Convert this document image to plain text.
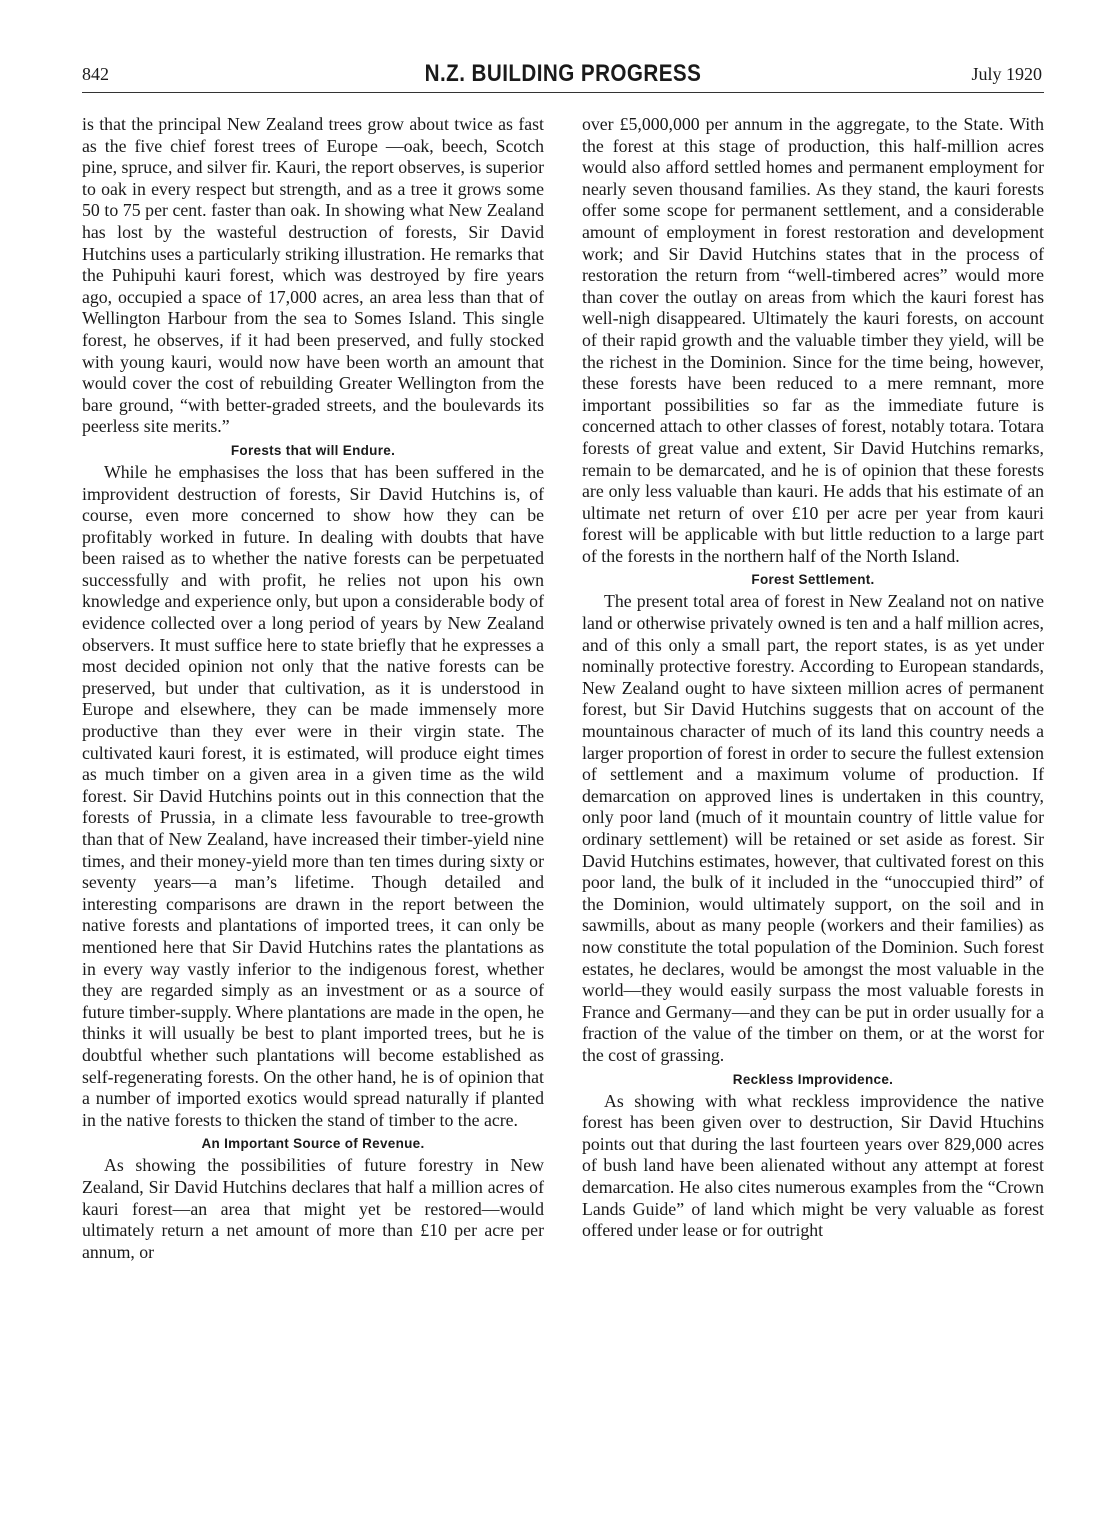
842	N.Z. BUILDING PROGRESS	July 1920

is that the principal New Zealand trees grow about twice as fast as the five chief forest trees of Europe —oak, beech, Scotch pine, spruce, and silver fir. Kauri, the report observes, is superior to oak in every respect but strength, and as a tree it grows some 50 to 75 per cent. faster than oak. In showing what New Zealand has lost by the wasteful destruction of forests, Sir David Hutchins uses a particularly striking illustration. He remarks that the Puhipuhi kauri forest, which was destroyed by fire years ago, occupied a space of 17,000 acres, an area less than that of Wellington Harbour from the sea to Somes Island. This single forest, he observes, if it had been preserved, and fully stocked with young kauri, would now have been worth an amount that would cover the cost of rebuilding Greater Wellington from the bare ground, “with better-graded streets, and the boulevards its peerless site merits.”

Forests that will Endure.

While he emphasises the loss that has been suffered in the improvident destruction of forests, Sir David Hutchins is, of course, even more concerned to show how they can be profitably worked in future. In dealing with doubts that have been raised as to whether the native forests can be perpetuated successfully and with profit, he relies not upon his own knowledge and experience only, but upon a considerable body of evidence collected over a long period of years by New Zealand observers. It must suffice here to state briefly that he expresses a most decided opinion not only that the native forests can be preserved, but under that cultivation, as it is understood in Europe and elsewhere, they can be made immensely more productive than they ever were in their virgin state. The cultivated kauri forest, it is estimated, will produce eight times as much timber on a given area in a given time as the wild forest. Sir David Hutchins points out in this connection that the forests of Prussia, in a climate less favourable to tree-growth than that of New Zealand, have increased their timber-yield nine times, and their money-yield more than ten times during sixty or seventy years—a man’s lifetime. Though detailed and interesting comparisons are drawn in the report between the native forests and plantations of imported trees, it can only be mentioned here that Sir David Hutchins rates the plantations as in every way vastly inferior to the indigenous forest, whether they are regarded simply as an investment or as a source of future timber-supply. Where plantations are made in the open, he thinks it will usually be best to plant imported trees, but he is doubtful whether such plantations will become established as self-regenerating forests. On the other hand, he is of opinion that a number of imported exotics would spread naturally if planted in the native forests to thicken the stand of timber to the acre.

An Important Source of Revenue.

As showing the possibilities of future forestry in New Zealand, Sir David Hutchins declares that half a million acres of kauri forest—an area that might yet be restored—would ultimately return a net amount of more than £10 per acre per annum, or

over £5,000,000 per annum in the aggregate, to the State. With the forest at this stage of production, this half-million acres would also afford settled homes and permanent employment for nearly seven thousand families. As they stand, the kauri forests offer some scope for permanent settlement, and a considerable amount of employment in forest restoration and development work; and Sir David Hutchins states that in the process of restoration the return from “well-timbered acres” would more than cover the outlay on areas from which the kauri forest has well-nigh disappeared. Ultimately the kauri forests, on account of their rapid growth and the valuable timber they yield, will be the richest in the Dominion. Since for the time being, however, these forests have been reduced to a mere remnant, more important possibilities so far as the immediate future is concerned attach to other classes of forest, notably totara. Totara forests of great value and extent, Sir David Hutchins remarks, remain to be demarcated, and he is of opinion that these forests are only less valuable than kauri. He adds that his estimate of an ultimate net return of over £10 per acre per year from kauri forest will be applicable with but little reduction to a large part of the forests in the northern half of the North Island.

Forest Settlement.

The present total area of forest in New Zealand not on native land or otherwise privately owned is ten and a half million acres, and of this only a small part, the report states, is as yet under nominally protective forestry. According to European standards, New Zealand ought to have sixteen million acres of permanent forest, but Sir David Hutchins suggests that on account of the mountainous character of much of its land this country needs a larger proportion of forest in order to secure the fullest extension of settlement and a maximum volume of production. If demarcation on approved lines is undertaken in this country, only poor land (much of it mountain country of little value for ordinary settlement) will be retained or set aside as forest. Sir David Hutchins estimates, however, that cultivated forest on this poor land, the bulk of it included in the “unoccupied third” of the Dominion, would ultimately support, on the soil and in sawmills, about as many people (workers and their families) as now constitute the total population of the Dominion. Such forest estates, he declares, would be amongst the most valuable in the world—they would easily surpass the most valuable forests in France and Germany—and they can be put in order usually for a fraction of the value of the timber on them, or at the worst for the cost of grassing.

Reckless Improvidence.

As showing with what reckless improvidence the native forest has been given over to destruction, Sir David Htuchins points out that during the last fourteen years over 829,000 acres of bush land have been alienated without any attempt at forest demarcation. He also cites numerous examples from the “Crown Lands Guide” of land which might be very valuable as forest offered under lease or for outright
